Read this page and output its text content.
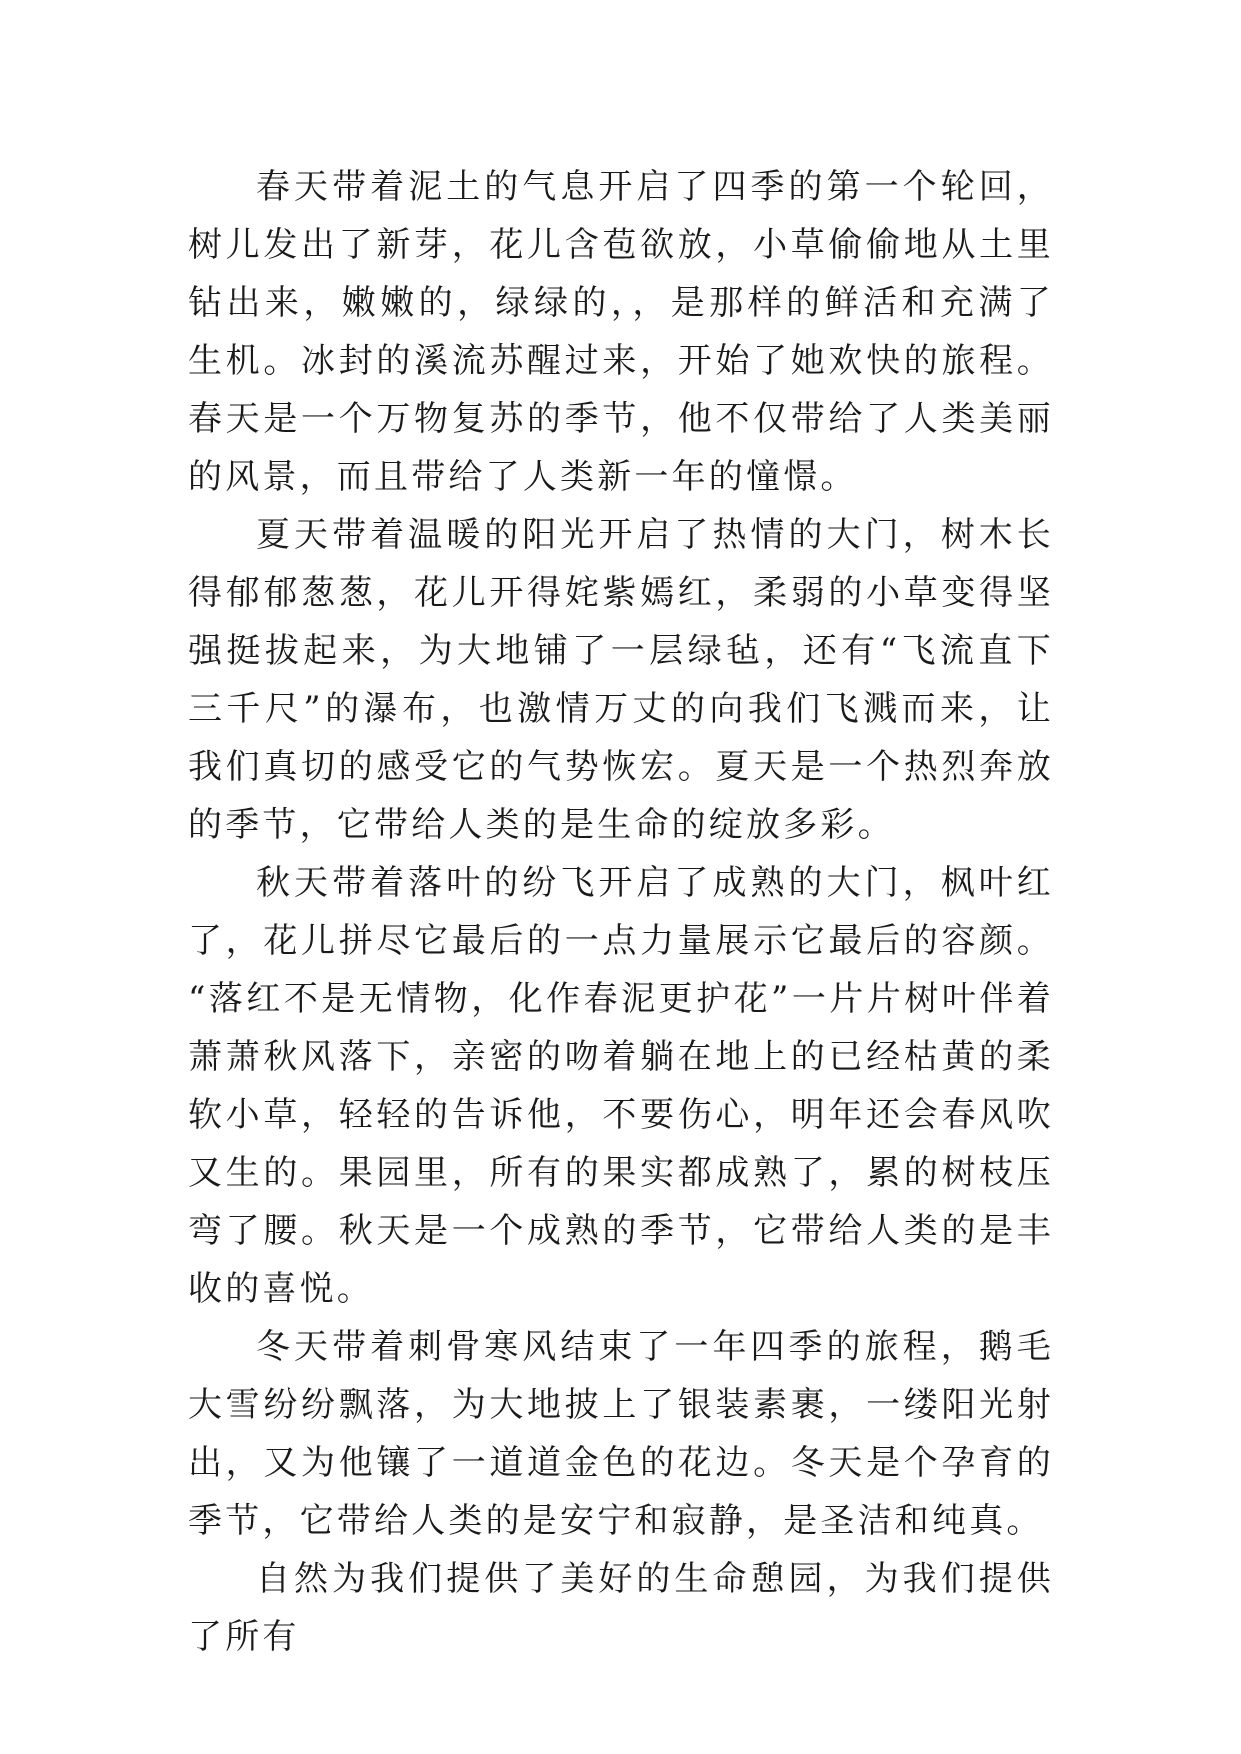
春天带着泥土的气息开启了四季的第一个轮回，树儿发出了新芽，花儿含苞欲放，小草偷偷地从土里钻出来，嫩嫩的，绿绿的，，是那样的鲜活和充满了生机。冰封的溪流苏醒过来，开始了她欢快的旅程。春天是一个万物复苏的季节，他不仅带给了人类美丽的风景，而且带给了人类新一年的憧憬。

夏天带着温暖的阳光开启了热情的大门，树木长得郁郁葱葱，花儿开得姹紫嫣红，柔弱的小草变得坚强挺拔起来，为大地铺了一层绿毡，还有“飞流直下三千尺”的瀑布，也激情万丈的向我们飞溅而来，让我们真切的感受它的气势恢宏。夏天是一个热烈奔放的季节，它带给人类的是生命的绽放多彩。

秋天带着落叶的纷飞开启了成熟的大门，枫叶红了，花儿拼尽它最后的一点力量展示它最后的容颜。“落红不是无情物，化作春泥更护花”一片片树叶伴着萧萧秋风落下，亲密的吻着躺在地上的已经枯黄的柔软小草，轻轻的告诉他，不要伤心，明年还会春风吹又生的。果园里，所有的果实都成熟了，累的树枝压弯了腰。秋天是一个成熟的季节，它带给人类的是丰收的喜悦。

冬天带着刺骨寒风结束了一年四季的旅程，鹅毛大雪纷纷飘落，为大地披上了银装素裹，一缕阳光射出，又为他镶了一道道金色的花边。冬天是个孕育的季节，它带给人类的是安宁和寂静，是圣洁和纯真。

自然为我们提供了美好的生命憩园，为我们提供了所有
